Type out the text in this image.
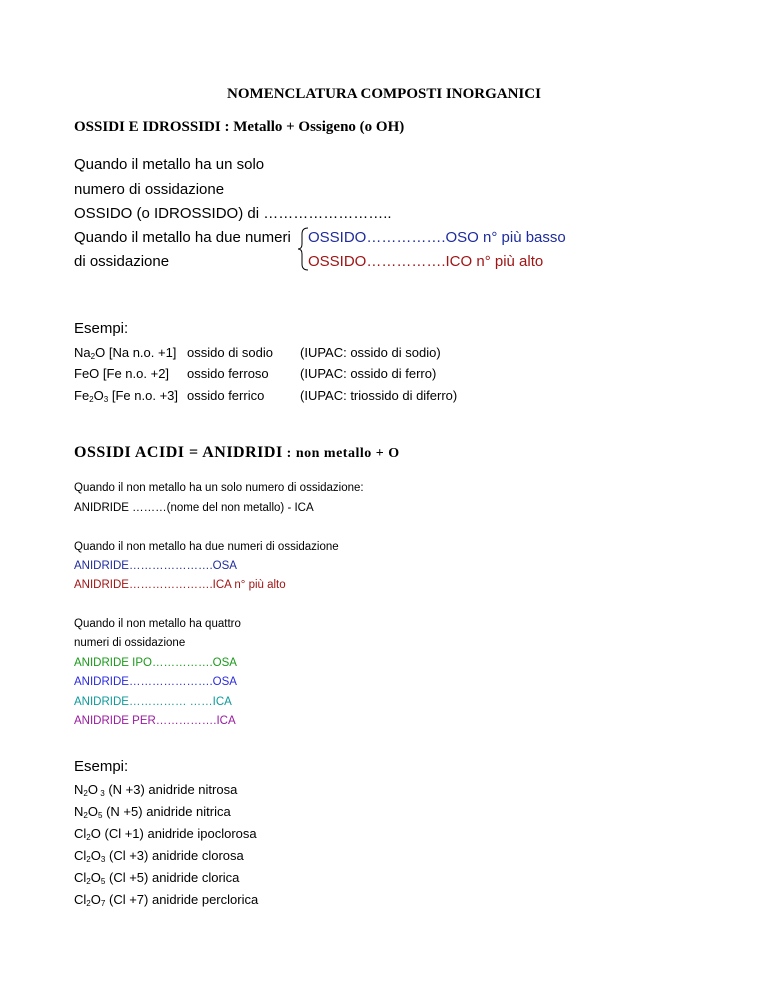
NOMENCLATURA COMPOSTI INORGANICI
OSSIDI E IDROSSIDI : Metallo + Ossigeno (o OH)
Quando il metallo ha un solo
numero di ossidazione
OSSIDO (o IDROSSIDO) di ……………………..
Quando il metallo ha due numeri
di ossidazione
OSSIDO…………….OSO n° più basso
OSSIDO…………….ICO n° più alto
Esempi:
$Na_2O$ [Na n.o. +1] ossido di sodio (IUPAC: ossido di sodio)
FeO [Fe n.o. +2] ossido ferroso (IUPAC: ossido di ferro)
$Fe_2O_3$ [Fe n.o. +3] ossido ferrico	(IUPAC: triossido di diferro)
OSSIDI ACIDI = ANIDRIDI : non metallo + O
Quando il non metallo ha un solo numero di ossidazione:
ANIDRIDE ………(nome del non metallo) - ICA
Quando il non metallo ha due numeri di ossidazione
ANIDRIDE………………….OSA
ANIDRIDE………………….ICA n° più alto
Quando il non metallo ha quattro
numeri di ossidazione
ANIDRIDE IPO…………….OSA
ANIDRIDE………………….OSA
ANIDRIDE…………… ……ICA
ANIDRIDE PER…………….ICA
Esempi:
$N_2O$ $_3$ (N +3) anidride nitrosa
$N_2O_5$ (N +5) anidride nitrica
$Cl_2O$ (Cl +1) anidride ipoclorosa
$Cl_2O_3$ (Cl +3) anidride clorosa
$Cl_2O_5$ (Cl +5) anidride clorica
$Cl_2O_7$ (Cl +7) anidride perclorica
